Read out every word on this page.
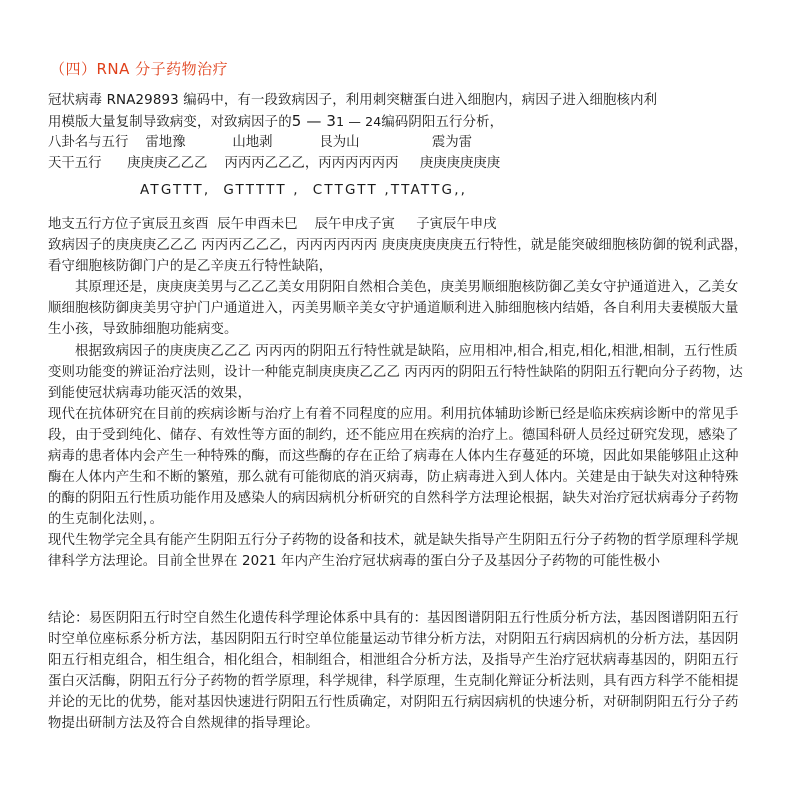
（四）RNA 分子药物治疗
冠状病毒 RNA29893 编码中，有一段致病因子，利用刺突糖蛋白进入细胞内，病因子进入细胞核内利
用模版大量复制导致病变，对致病因子的5 — 31 — 24编码阴阳五行分析，
八卦名与五行    雷地豫           山地剥           艮为山                 震为雷
天干五行      庚庚庚乙乙乙    丙丙丙乙乙乙，丙丙丙丙丙丙     庚庚庚庚庚庚
ATGTTT,  GTTTTT ,  CTTGTT ,TTATTG,,
地支五行方位子寅辰丑亥酉  辰午申酉未巳    辰午申戌子寅     子寅辰午申戌
致病因子的庚庚庚乙乙乙 丙丙丙乙乙乙，丙丙丙丙丙丙 庚庚庚庚庚庚五行特性，就是能突破细胞核防御的锐利武器，看守细胞核防御门户的是乙辛庚五行特性缺陷，
其原理还是，庚庚庚美男与乙乙乙美女用阴阳自然相合美色，庚美男顺细胞核防御乙美女守护通道进入，乙美女顺细胞核防御庚美男守护门户通道进入，丙美男顺辛美女守护通道顺利进入肺细胞核内结婚，各自利用夫妻模版大量生小孩，导致肺细胞功能病变。
根据致病因子的庚庚庚乙乙乙 丙丙丙的阴阳五行特性就是缺陷，应用相冲,相合,相克,相化,相泄,相制，五行性质变则功能变的辨证治疗法则，设计一种能克制庚庚庚乙乙乙 丙丙丙的阴阳五行特性缺陷的阴阳五行靶向分子药物，达到能使冠状病毒功能灭活的效果，
现代在抗体研究在目前的疾病诊断与治疗上有着不同程度的应用。利用抗体辅助诊断已经是临床疾病诊断中的常见手段，由于受到纯化、储存、有效性等方面的制约，还不能应用在疾病的治疗上。德国科研人员经过研究发现，感染了病毒的患者体内会产生一种特殊的酶，而这些酶的存在正给了病毒在人体内生存蔓延的环境，因此如果能够阻止这种酶在人体内产生和不断的繁殖，那么就有可能彻底的消灭病毒，防止病毒进入到人体内。关建是由于缺失对这种特殊的酶的阴阳五行性质功能作用及感染人的病因病机分析研究的自然科学方法理论根据，缺失对治疗冠状病毒分子药物的生克制化法则，。
现代生物学完全具有能产生阴阳五行分子药物的设备和技术，就是缺失指导产生阴阳五行分子药物的哲学原理科学规律科学方法理论。目前全世界在 2021 年内产生治疗冠状病毒的蛋白分子及基因分子药物的可能性极小
结论：易医阴阳五行时空自然生化遗传科学理论体系中具有的：基因图谱阴阳五行性质分析方法，基因图谱阴阳五行时空单位座标系分析方法，基因阴阳五行时空单位能量运动节律分析方法，对阴阳五行病因病机的分析方法，基因阴阳五行相克组合，相生组合，相化组合，相制组合，相泄组合分析方法，及指导产生治疗冠状病毒基因的，阴阳五行蛋白灭活酶，阴阳五行分子药物的哲学原理，科学规律，科学原理，生克制化辩证分析法则，具有西方科学不能相提并论的无比的优势，能对基因快速进行阴阳五行性质确定，对阴阳五行病因病机的快速分析，对研制阴阳五行分子药物提出研制方法及符合自然规律的指导理论。
